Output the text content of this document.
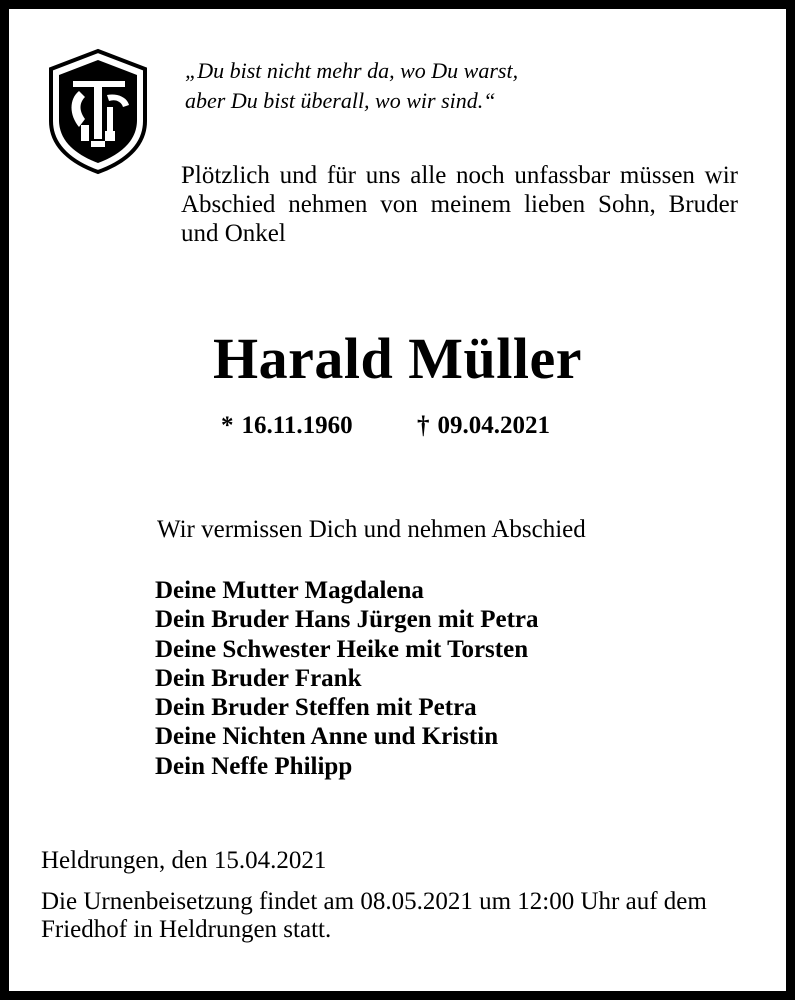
„Du bist nicht mehr da, wo Du warst,
aber Du bist überall, wo wir sind.“

Plötzlich und für uns alle noch unfassbar müssen wir Abschied nehmen von meinem lieben Sohn, Bruder und Onkel

Harald Müller
* 16.11.1960	† 09.04.2021

Wir vermissen Dich und nehmen Abschied

Deine Mutter Magdalena
Dein Bruder Hans Jürgen mit Petra
Deine Schwester Heike mit Torsten
Dein Bruder Frank
Dein Bruder Steffen mit Petra
Deine Nichten Anne und Kristin
Dein Neffe Philipp

Heldrungen, den 15.04.2021

Die Urnenbeisetzung findet am 08.05.2021 um 12:00 Uhr auf dem Friedhof in Heldrungen statt.
